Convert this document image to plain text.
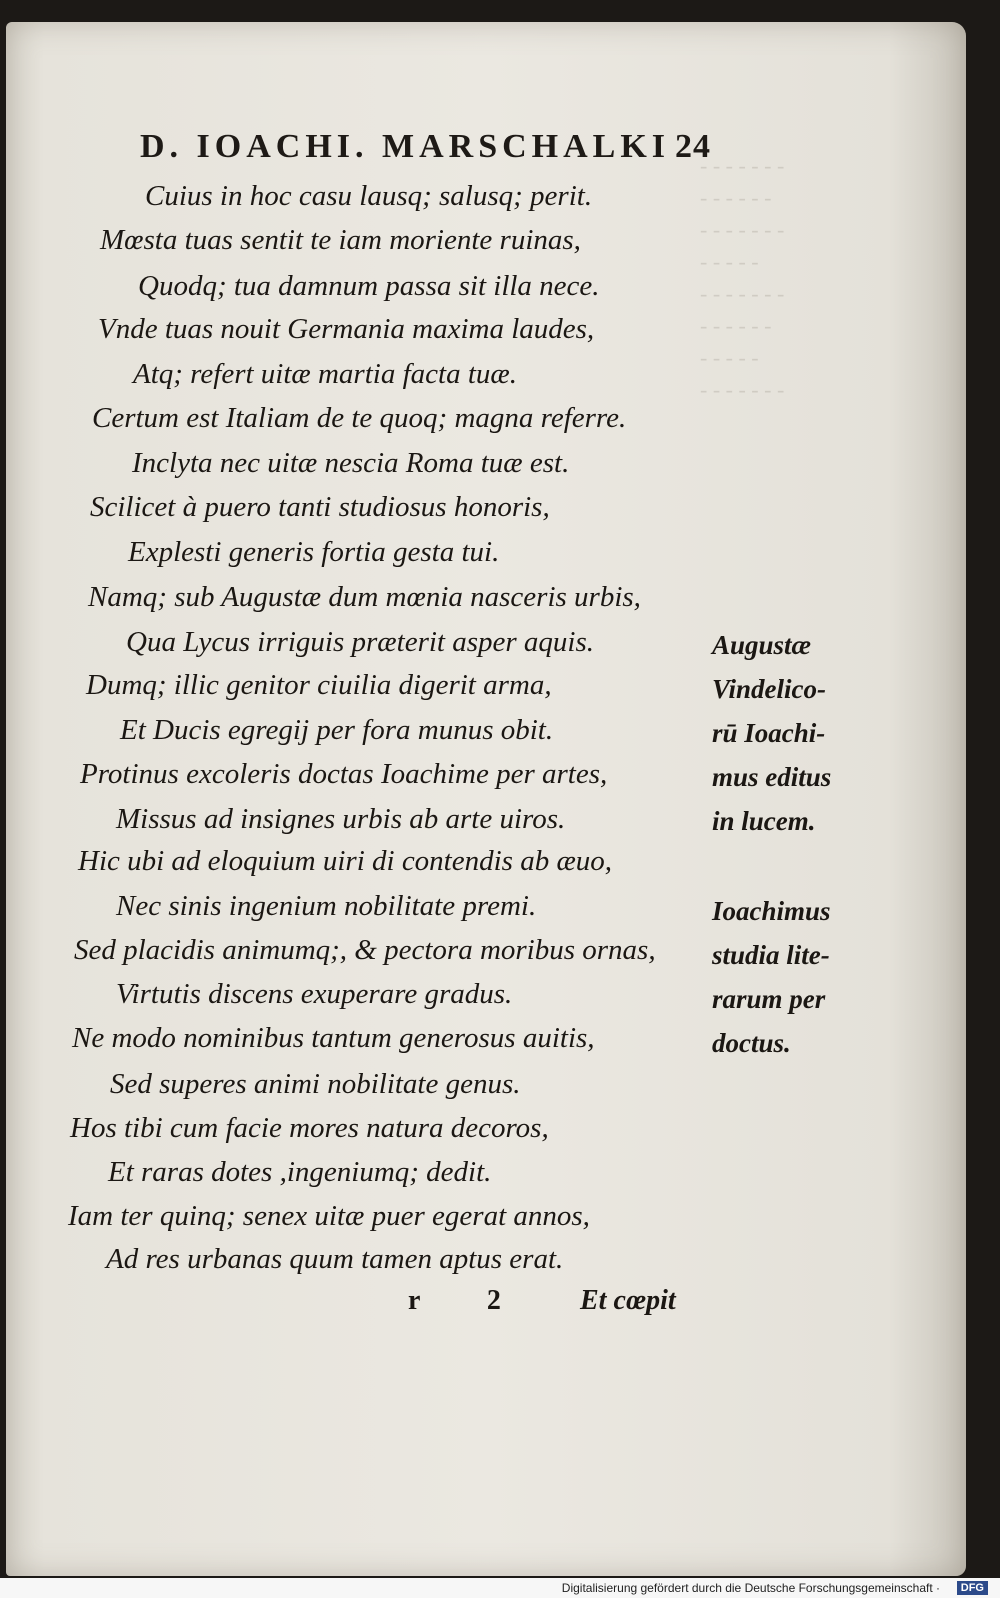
D. IOACHI. MARSCHALKI 24
Cuius in hoc casu lausq; salusq; perit.
Mœsta tuas sentit te iam moriente ruinas,
Quodq; tua damnum passa sit illa nece.
Vnde tuas nouit Germania maxima laudes,
Atq; refert uitæ martia facta tuæ.
Certum est Italiam de te quoq; magna referre.
Inclyta nec uitæ nescia Roma tuæ est.
Scilicet à puero tanti studiosus honoris,
Explesti generis fortia gesta tui.
Namq; sub Augustæ dum mœnia nasceris urbis,
Qua Lycus irriguis præterit asper aquis.
Dumq; illic genitor ciuilia digerit arma,
Et Ducis egregij per fora munus obit.
Protinus excoleris doctas Ioachime per artes,
Missus ad insignes urbis ab arte uiros.
Hic ubi ad eloquium uiri di contendis ab æuo,
Nec sinis ingenium nobilitate premi.
Sed placidis animumq;, & pectora moribus ornas,
Virtutis discens exuperare gradus.
Ne modo nominibus tantum generosus auitis,
Sed superes animi nobilitate genus.
Hos tibi cum facie mores natura decoros,
Et raras dotes ,ingeniumq; dedit.
Iam ter quinq; senex uitæ puer egerat annos,
Ad res urbanas quum tamen aptus erat.
Augustæ
Vindelico-
rū Ioachi-
mus editus
in lucem.
Ioachimus
studia lite-
rarum per
doctus.
r 2 Et cœpit
Digitalisierung gefördert durch die Deutsche Forschungsgemeinschaft ·	DFG
